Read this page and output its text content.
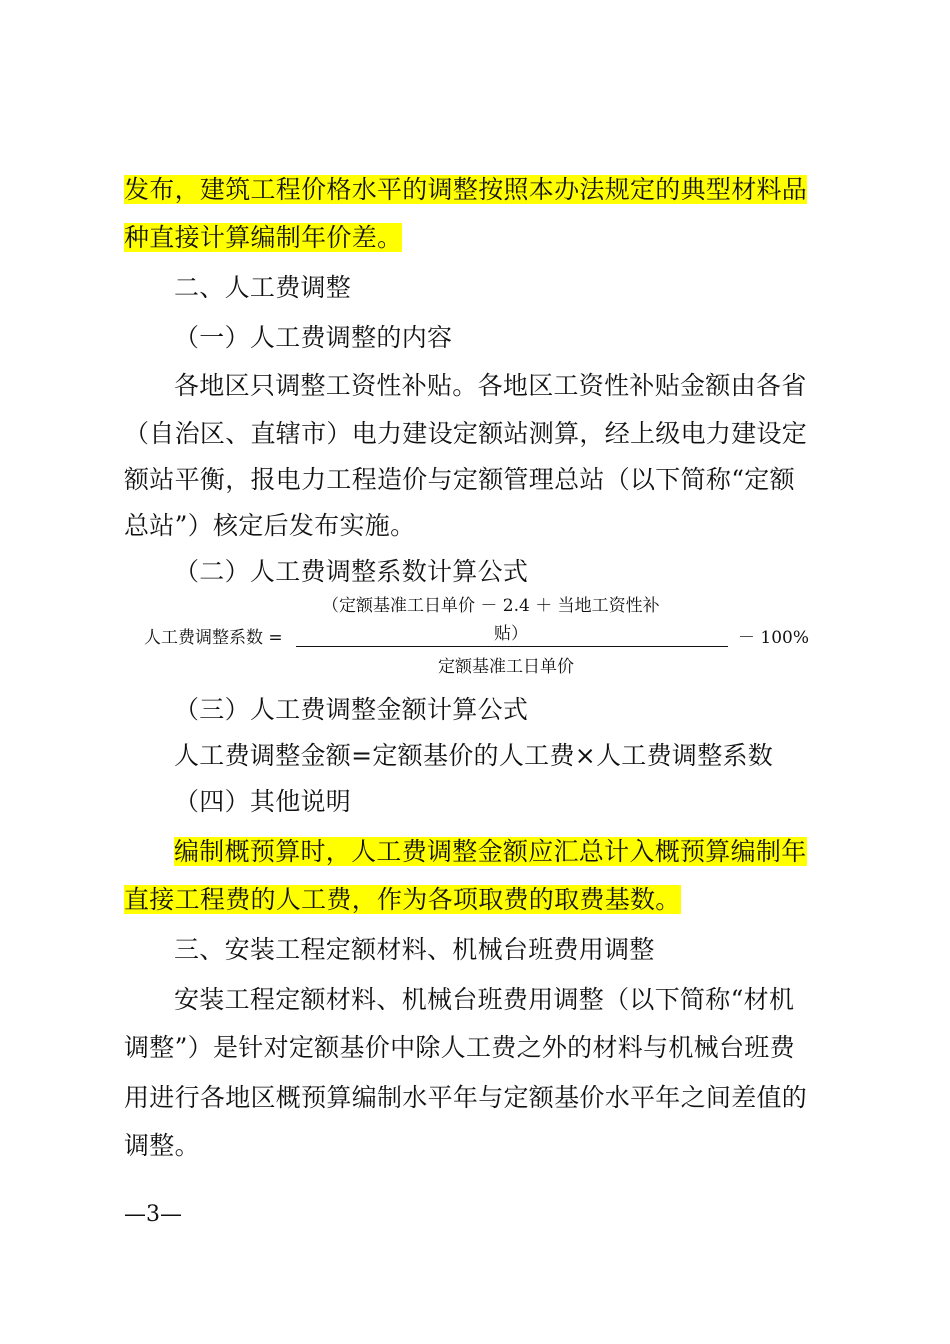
发布，建筑工程价格水平的调整按照本办法规定的典型材料品
种直接计算编制年价差。
二、人工费调整
（一）人工费调整的内容
各地区只调整工资性补贴。各地区工资性补贴金额由各省
（自治区、直辖市）电力建设定额站测算，经上级电力建设定
额站平衡，报电力工程造价与定额管理总站（以下简称“定额
总站”）核定后发布实施。
（二）人工费调整系数计算公式
（定额基准工日单价 － 2.4 ＋ 当地工资性补
贴）
人工费调整系数 =	－ 100%
定额基准工日单价
（三）人工费调整金额计算公式
人工费调整金额=定额基价的人工费×人工费调整系数
（四）其他说明
编制概预算时，人工费调整金额应汇总计入概预算编制年
直接工程费的人工费，作为各项取费的取费基数。
三、安装工程定额材料、机械台班费用调整
安装工程定额材料、机械台班费用调整（以下简称“材机
调整”）是针对定额基价中除人工费之外的材料与机械台班费
用进行各地区概预算编制水平年与定额基价水平年之间差值的
调整。
—3—
